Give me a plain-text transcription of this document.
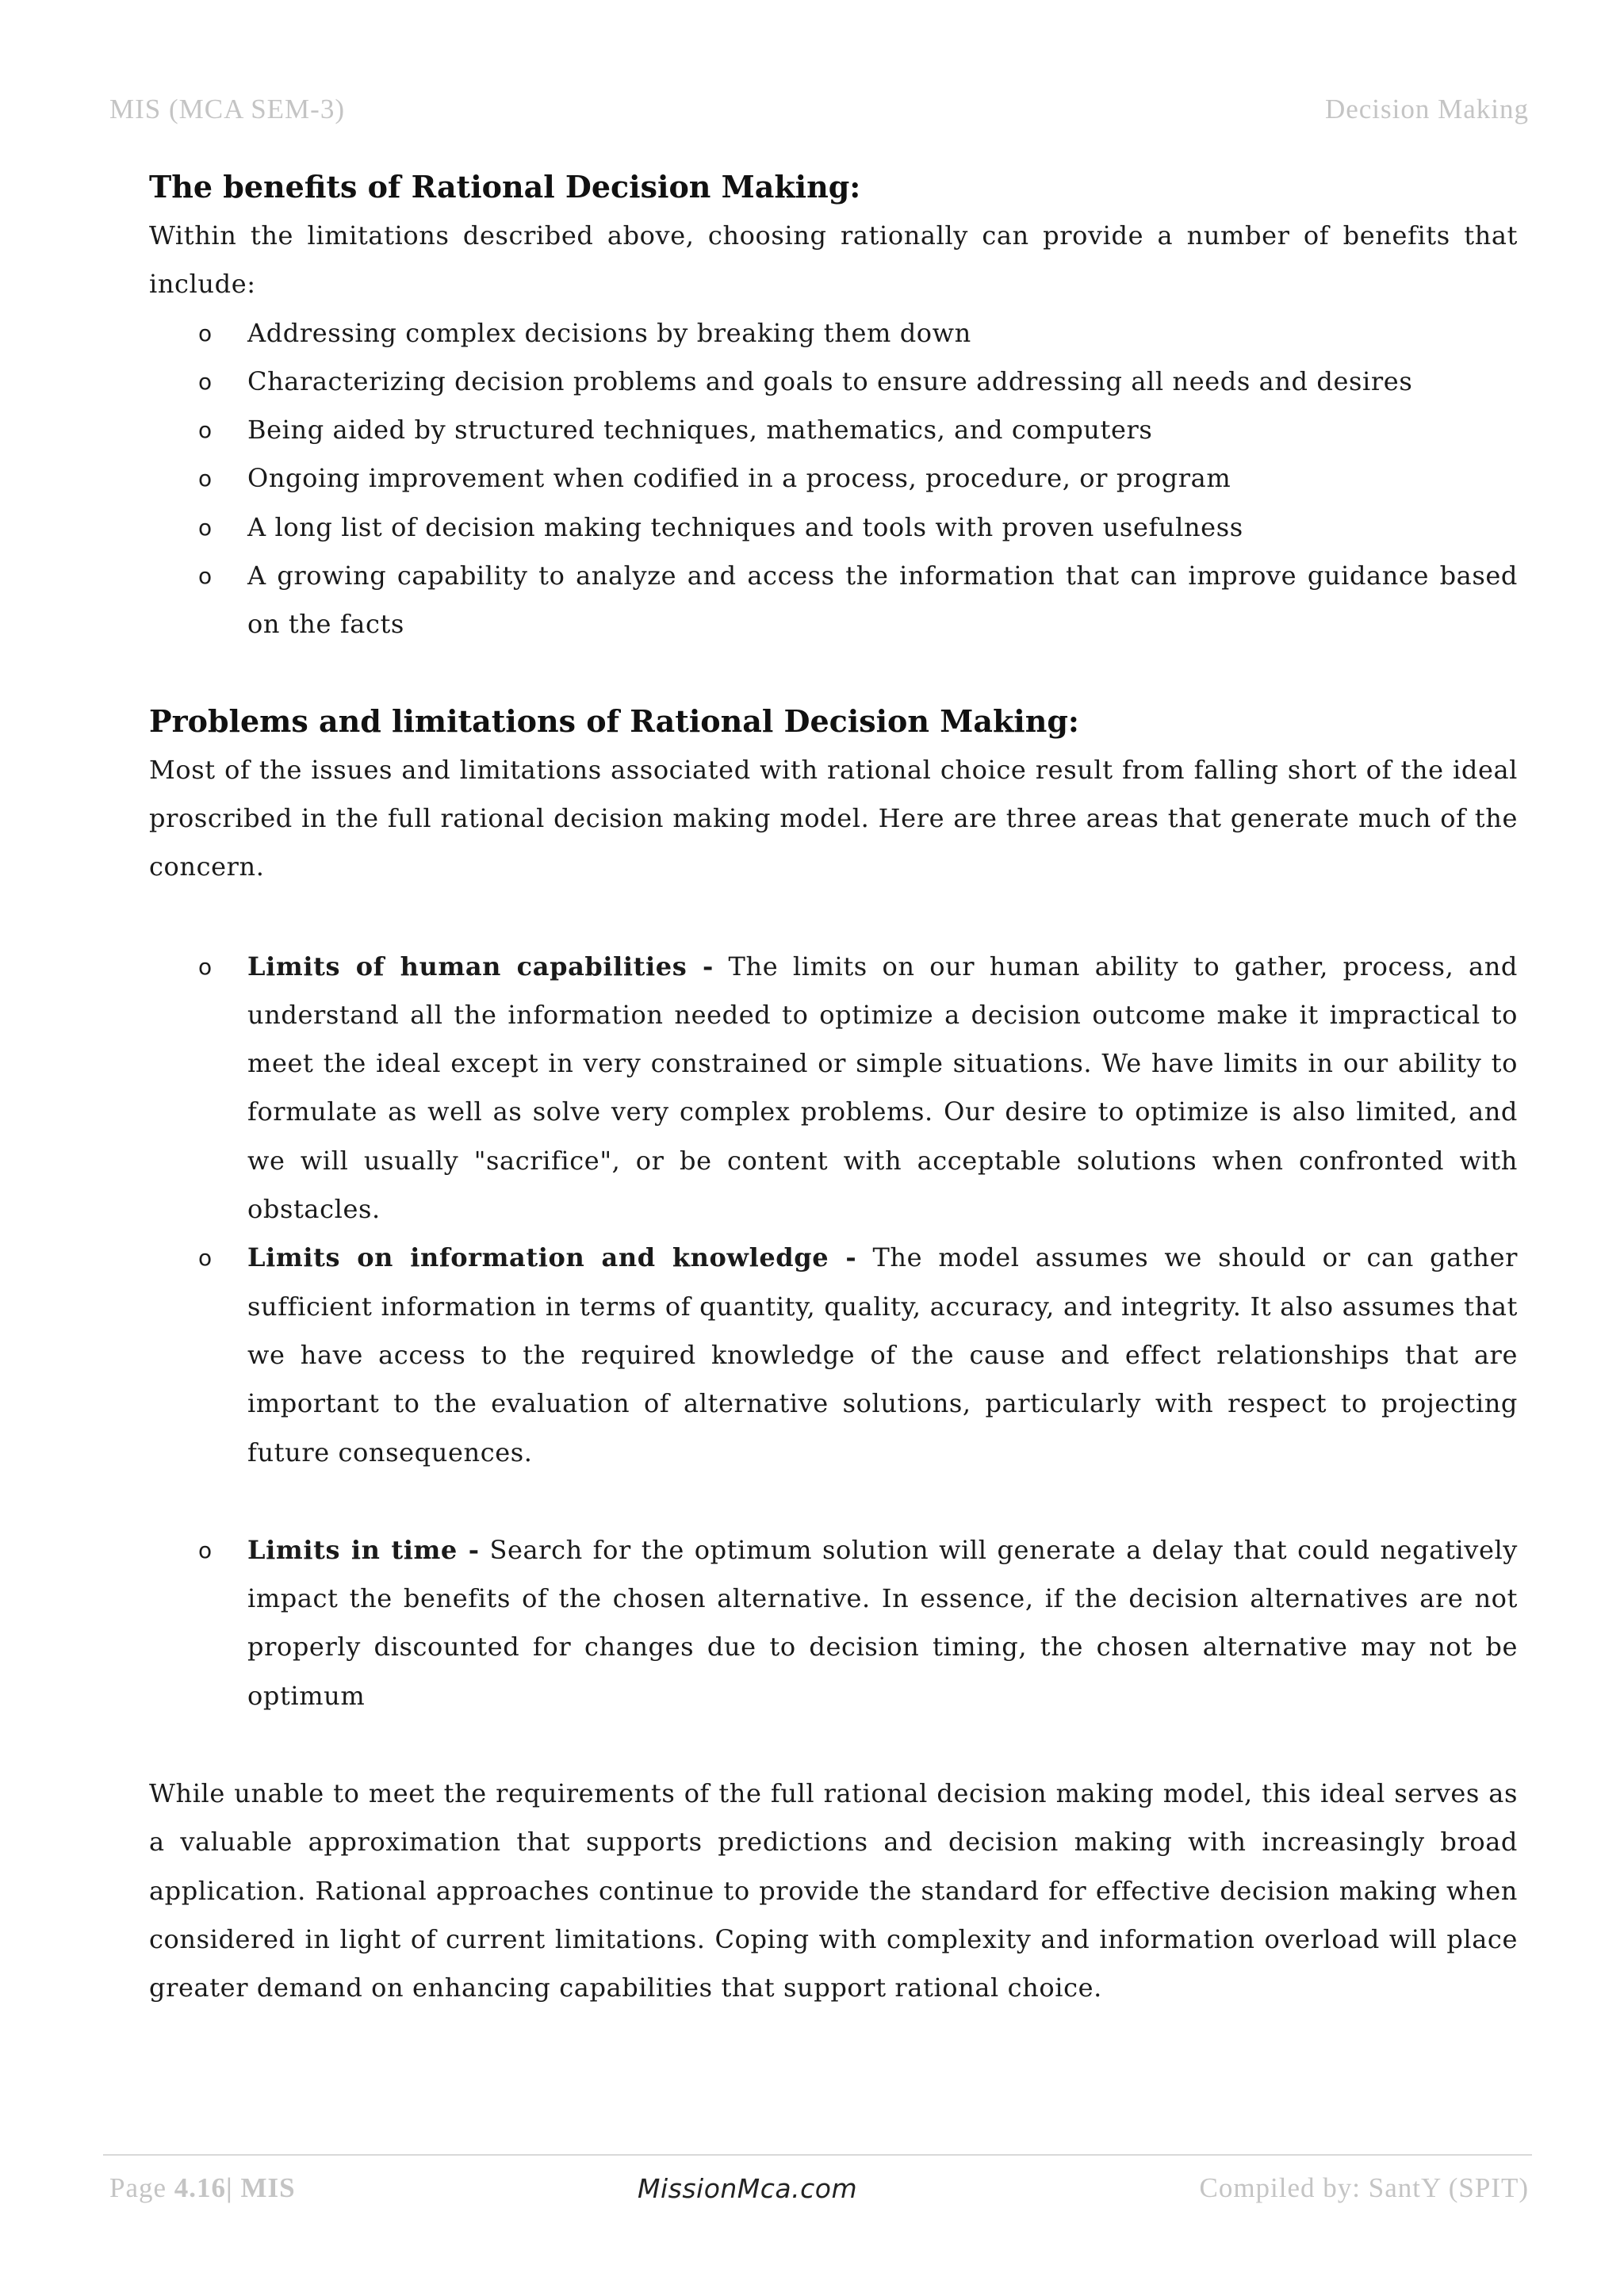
MIS (MCA SEM-3)	Decision Making
The benefits of Rational Decision Making:

Within the limitations described above, choosing rationally can provide a number of benefits that include:

o Addressing complex decisions by breaking them down
o Characterizing decision problems and goals to ensure addressing all needs and desires
o Being aided by structured techniques, mathematics, and computers
o Ongoing improvement when codified in a process, procedure, or program
o A long list of decision making techniques and tools with proven usefulness
o A growing capability to analyze and access the information that can improve guidance based on the facts
Problems and limitations of Rational Decision Making:

Most of the issues and limitations associated with rational choice result from falling short of the ideal proscribed in the full rational decision making model. Here are three areas that generate much of the concern.

o Limits of human capabilities - The limits on our human ability to gather, process, and understand all the information needed to optimize a decision outcome make it impractical to meet the ideal except in very constrained or simple situations. We have limits in our ability to formulate as well as solve very complex problems. Our desire to optimize is also limited, and we will usually "sacrifice", or be content with acceptable solutions when confronted with obstacles.
o Limits on information and knowledge - The model assumes we should or can gather sufficient information in terms of quantity, quality, accuracy, and integrity. It also assumes that we have access to the required knowledge of the cause and effect relationships that are important to the evaluation of alternative solutions, particularly with respect to projecting future consequences.
o Limits in time - Search for the optimum solution will generate a delay that could negatively impact the benefits of the chosen alternative. In essence, if the decision alternatives are not properly discounted for changes due to decision timing, the chosen alternative may not be optimum

While unable to meet the requirements of the full rational decision making model, this ideal serves as a valuable approximation that supports predictions and decision making with increasingly broad application. Rational approaches continue to provide the standard for effective decision making when considered in light of current limitations. Coping with complexity and information overload will place greater demand on enhancing capabilities that support rational choice.

Page 4.16| MIS	MissionMca.com	Compiled by: SantY (SPIT)
